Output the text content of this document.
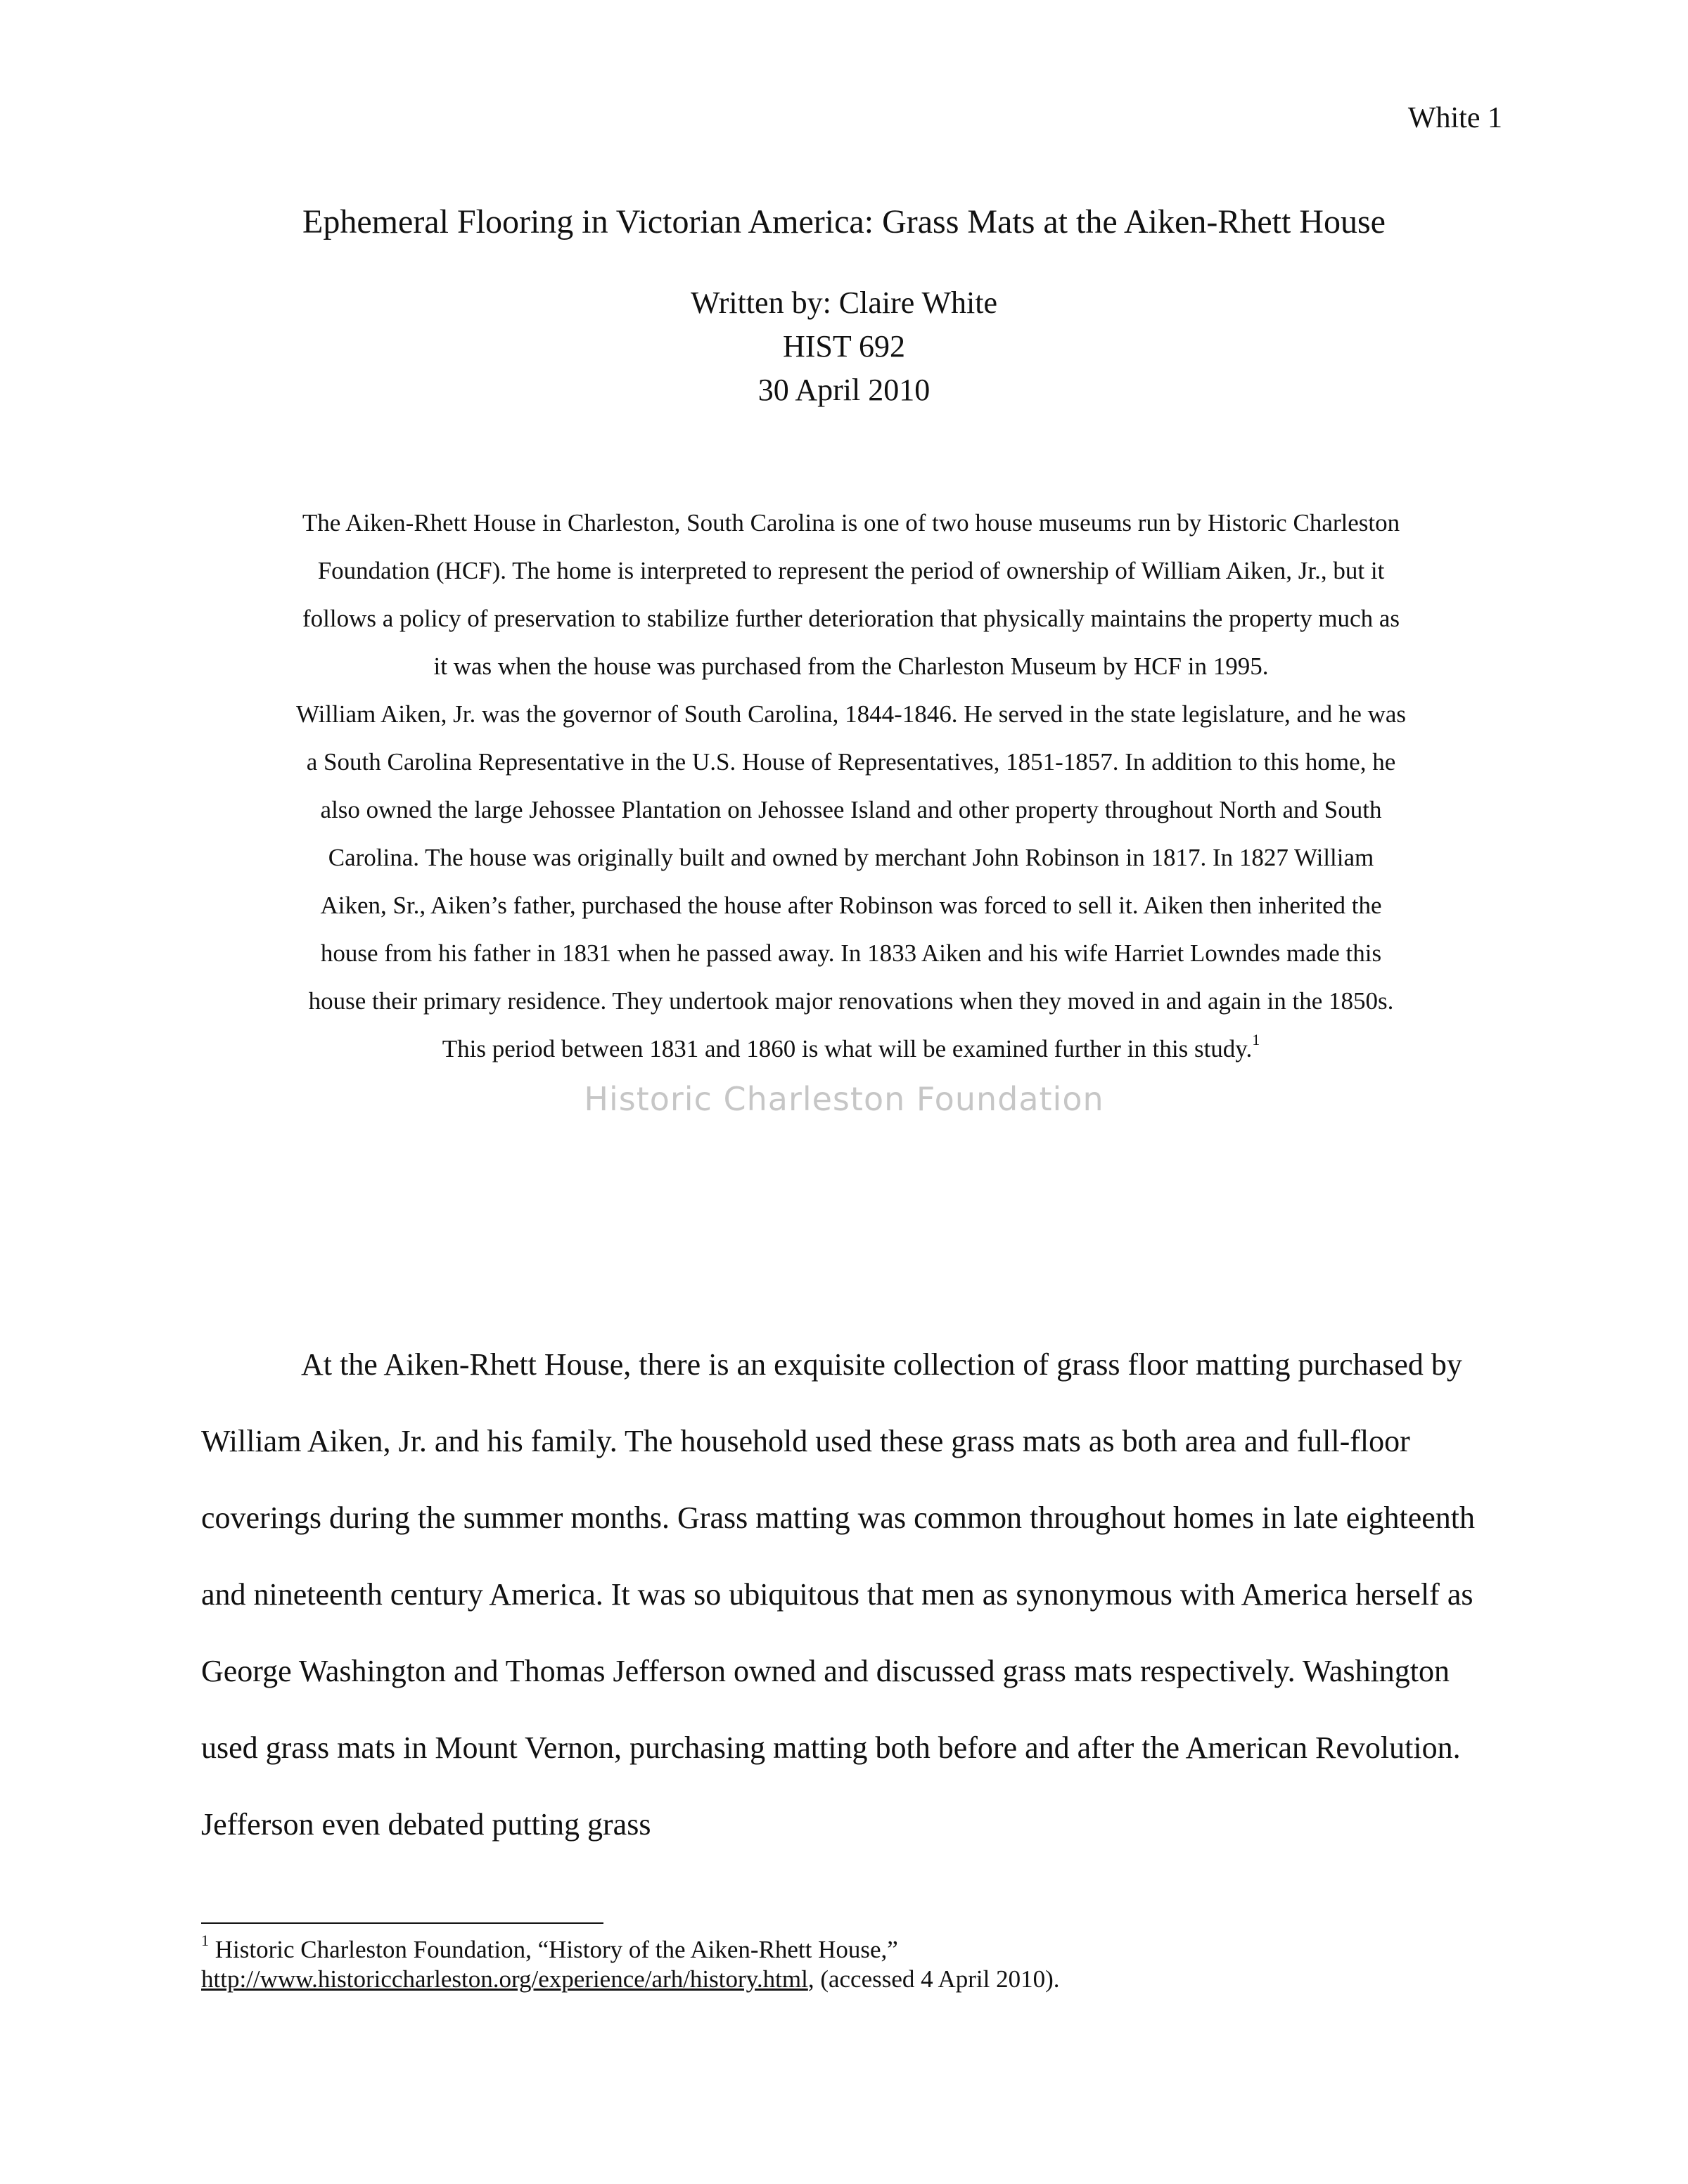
White 1
Ephemeral Flooring in Victorian America: Grass Mats at the Aiken-Rhett House
Written by: Claire White
HIST 692
30 April 2010

The Aiken-Rhett House in Charleston, South Carolina is one of two house museums run by Historic Charleston Foundation (HCF). The home is interpreted to represent the period of ownership of William Aiken, Jr., but it follows a policy of preservation to stabilize further deterioration that physically maintains the property much as it was when the house was purchased from the Charleston Museum by HCF in 1995.

William Aiken, Jr. was the governor of South Carolina, 1844-1846. He served in the state legislature, and he was a South Carolina Representative in the U.S. House of Representatives, 1851-1857. In addition to this home, he also owned the large Jehossee Plantation on Jehossee Island and other property throughout North and South Carolina. The house was originally built and owned by merchant John Robinson in 1817. In 1827 William Aiken, Sr., Aiken’s father, purchased the house after Robinson was forced to sell it. Aiken then inherited the house from his father in 1831 when he passed away. In 1833 Aiken and his wife Harriet Lowndes made this house their primary residence. They undertook major renovations when they moved in and again in the 1850s. This period between 1831 and 1860 is what will be examined further in this study.$^1$

Historic Charleston Foundation

At the Aiken-Rhett House, there is an exquisite collection of grass floor matting purchased by William Aiken, Jr. and his family. The household used these grass mats as both area and full-floor coverings during the summer months. Grass matting was common throughout homes in late eighteenth and nineteenth century America. It was so ubiquitous that men as synonymous with America herself as George Washington and Thomas Jefferson owned and discussed grass mats respectively. Washington used grass mats in Mount Vernon, purchasing matting both before and after the American Revolution. Jefferson even debated putting grass

$^1$ Historic Charleston Foundation, “History of the Aiken-Rhett House,”
http://www.historiccharleston.org/experience/arh/history.html, (accessed 4 April 2010).
